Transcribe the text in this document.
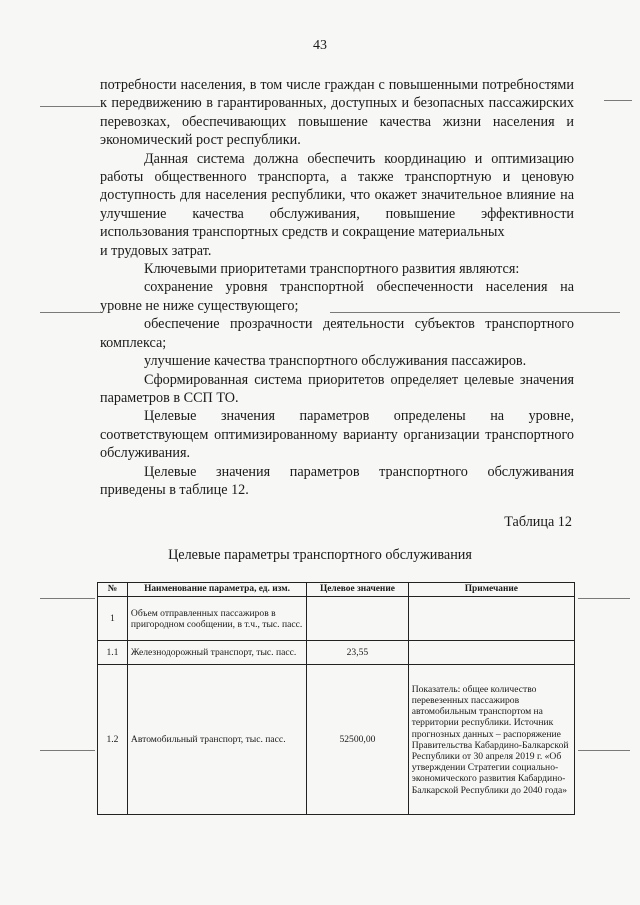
43

потребности населения, в том числе граждан с повышенными потребностями к передвижению в гарантированных, доступных и безопасных пассажирских перевозках, обеспечивающих повышение качества жизни населения и экономический рост республики.

Данная система должна обеспечить координацию и оптимизацию работы общественного транспорта, а также транспортную и ценовую доступность для населения республики, что окажет значительное влияние на улучшение качества обслуживания, повышение эффективности использования транспортных средств и сокращение материальных

и трудовых затрат.

Ключевыми приоритетами транспортного развития являются:

сохранение уровня транспортной обеспеченности населения на уровне не ниже существующего;

обеспечение прозрачности деятельности субъектов транспортного комплекса;

улучшение качества транспортного обслуживания пассажиров.

Сформированная система приоритетов определяет целевые значения параметров в ССП ТО.

Целевые значения параметров определены на уровне, соответствующем оптимизированному варианту организации транспортного обслуживания.

Целевые значения параметров транспортного обслуживания приведены в таблице 12.

Таблица 12
Целевые параметры транспортного обслуживания
№	Наименование параметра, ед. изм.	Целевое значение	Примечание
1	Объем отправленных пассажиров в пригородном сообщении, в т.ч., тыс. пасс.		
1.1	Железнодорожный транспорт, тыс. пасс.	23,55	
1.2	Автомобильный транспорт, тыс. пасс.	52500,00	Показатель: общее количество перевезенных пассажиров автомобильным транспортом на территории республики. Источник прогнозных данных – распоряжение Правительства Кабардино-Балкарской Республики от 30 апреля 2019 г. «Об утверждении Стратегии социально-экономического развития Кабардино-Балкарской Республики до 2040 года»
